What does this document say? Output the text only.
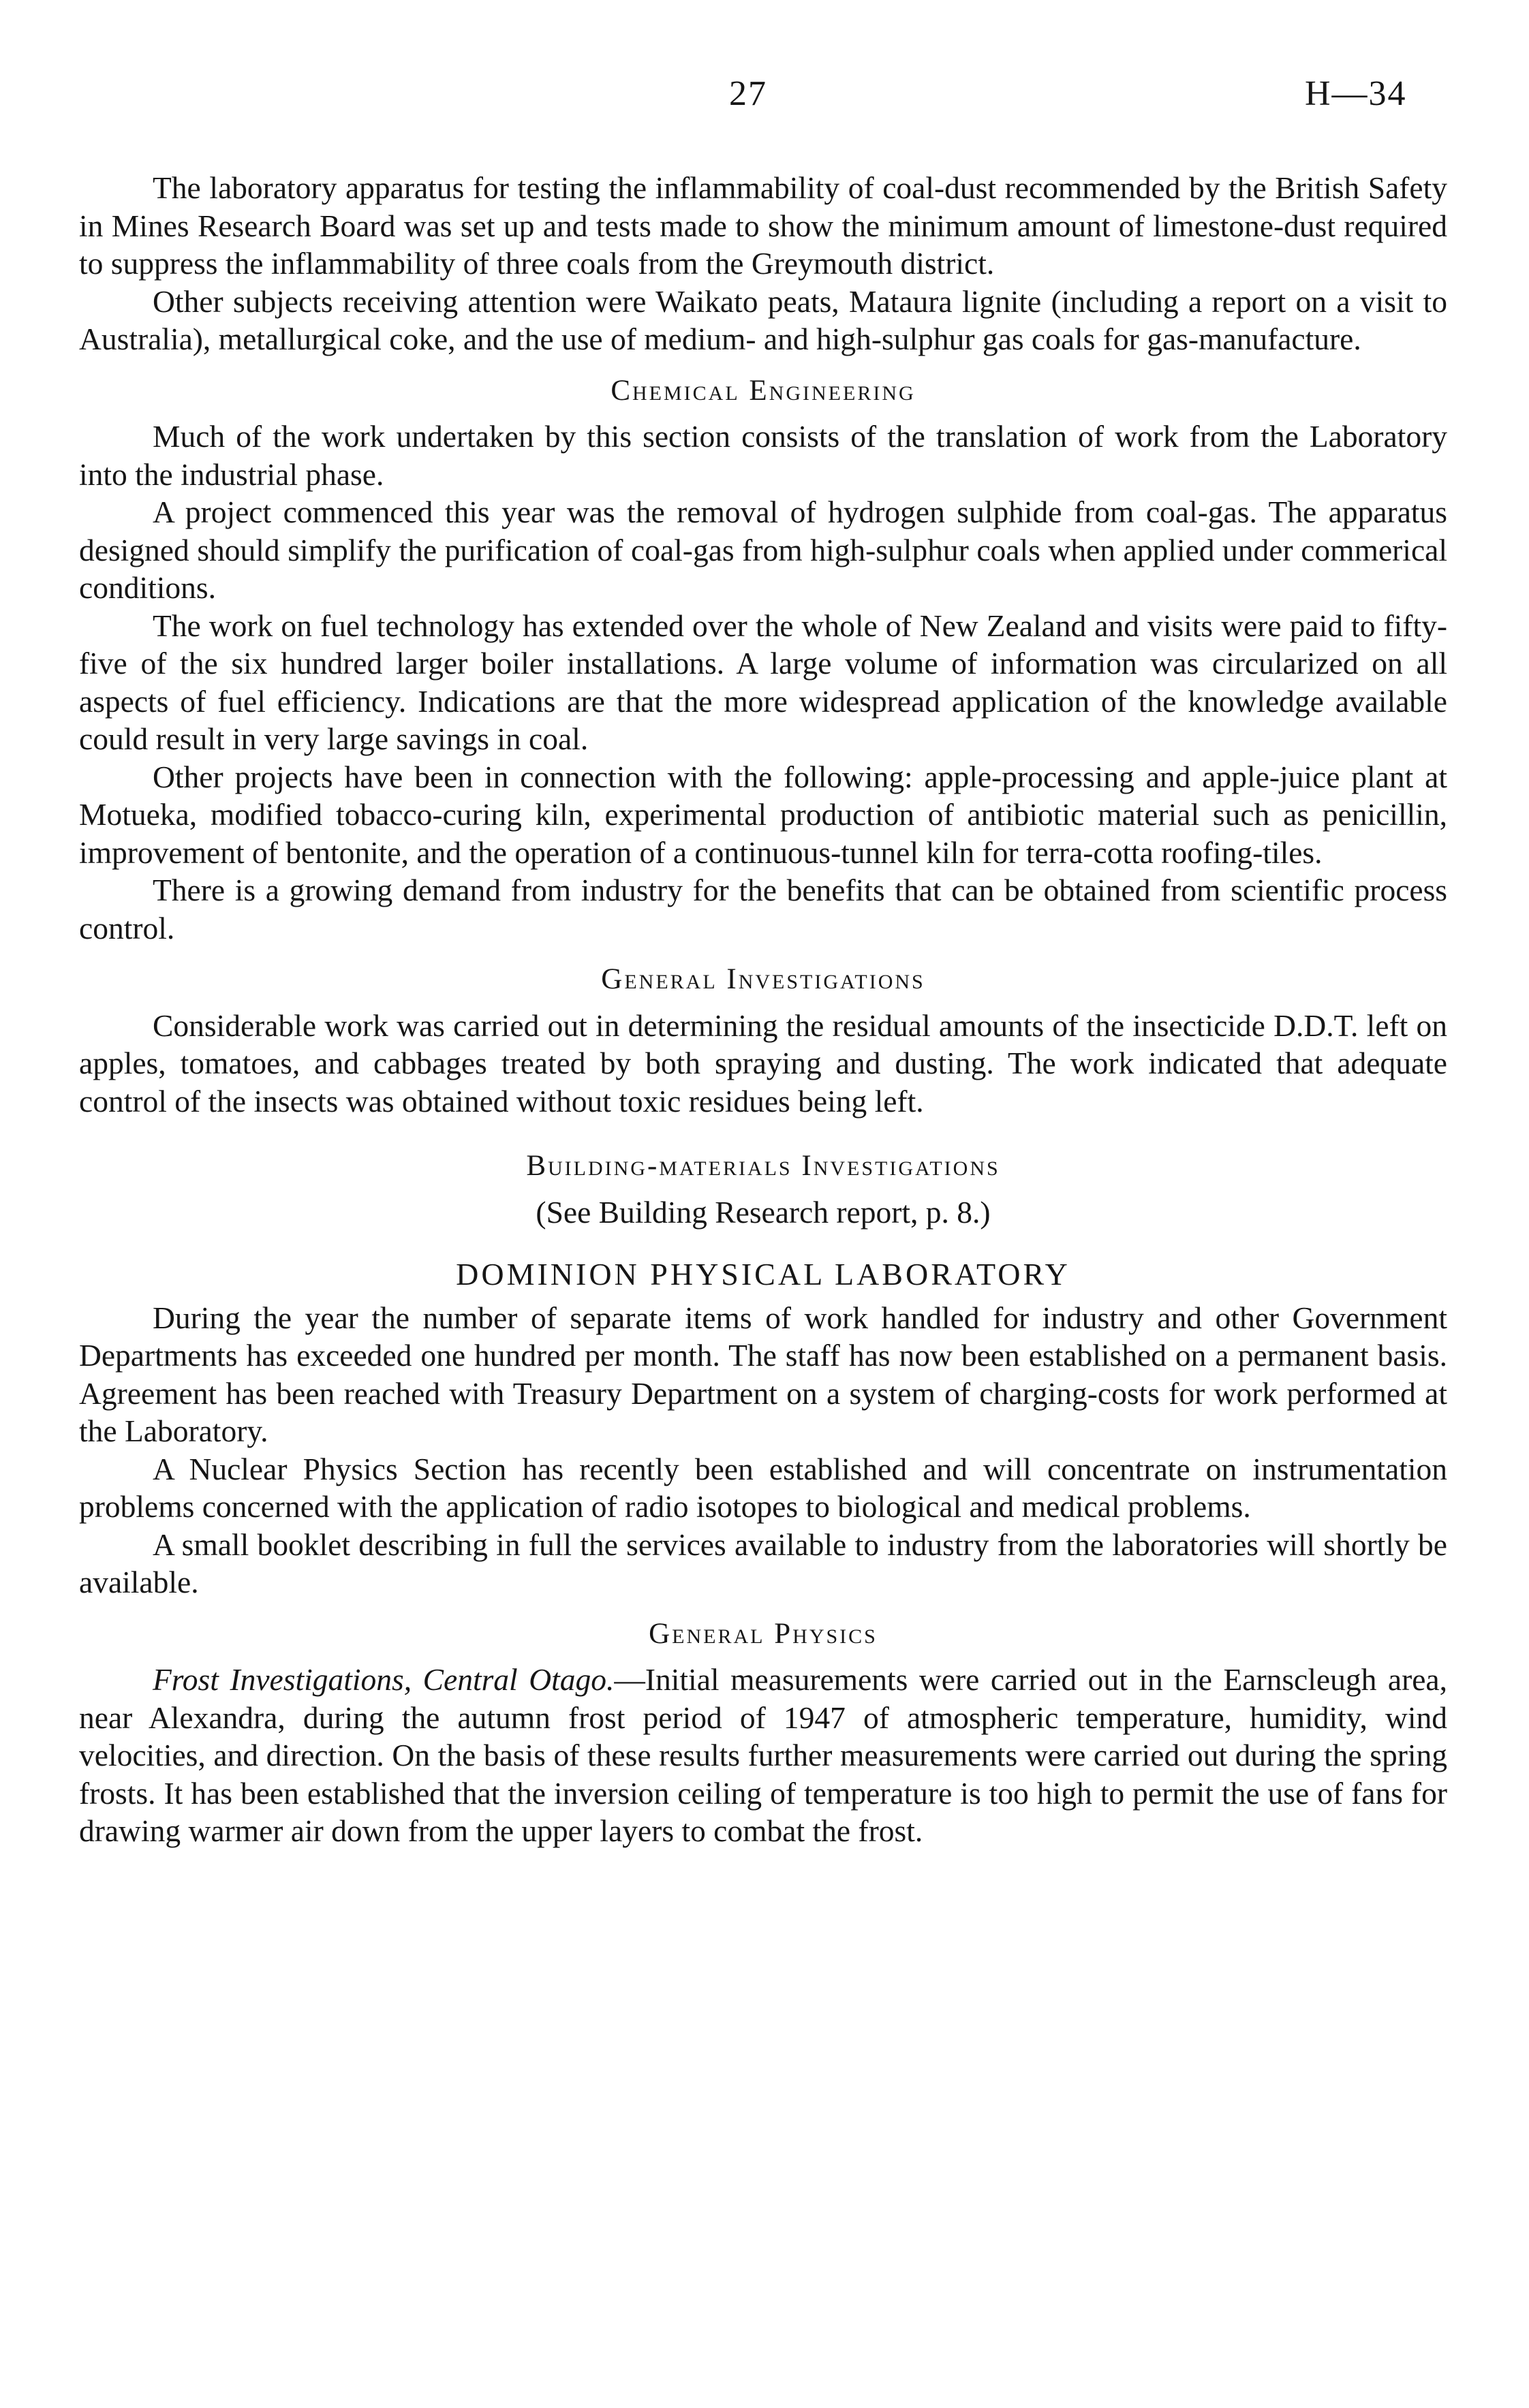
27	H—34

The laboratory apparatus for testing the inflammability of coal-dust recommended by the British Safety in Mines Research Board was set up and tests made to show the minimum amount of limestone-dust required to suppress the inflammability of three coals from the Greymouth district.

Other subjects receiving attention were Waikato peats, Mataura lignite (including a report on a visit to Australia), metallurgical coke, and the use of medium- and high-sulphur gas coals for gas-manufacture.

Chemical Engineering

Much of the work undertaken by this section consists of the translation of work from the Laboratory into the industrial phase.

A project commenced this year was the removal of hydrogen sulphide from coal-gas. The apparatus designed should simplify the purification of coal-gas from high-sulphur coals when applied under commerical conditions.

The work on fuel technology has extended over the whole of New Zealand and visits were paid to fifty-five of the six hundred larger boiler installations. A large volume of information was circularized on all aspects of fuel efficiency. Indications are that the more widespread application of the knowledge available could result in very large savings in coal.

Other projects have been in connection with the following: apple-processing and apple-juice plant at Motueka, modified tobacco-curing kiln, experimental production of antibiotic material such as penicillin, improvement of bentonite, and the operation of a continuous-tunnel kiln for terra-cotta roofing-tiles.

There is a growing demand from industry for the benefits that can be obtained from scientific process control.

General Investigations

Considerable work was carried out in determining the residual amounts of the insecticide D.D.T. left on apples, tomatoes, and cabbages treated by both spraying and dusting. The work indicated that adequate control of the insects was obtained without toxic residues being left.

Building-materials Investigations
(See Building Research report, p. 8.)
DOMINION PHYSICAL LABORATORY

During the year the number of separate items of work handled for industry and other Government Departments has exceeded one hundred per month. The staff has now been established on a permanent basis. Agreement has been reached with Treasury Department on a system of charging-costs for work performed at the Laboratory.

A Nuclear Physics Section has recently been established and will concentrate on instrumentation problems concerned with the application of radio isotopes to biological and medical problems.

A small booklet describing in full the services available to industry from the laboratories will shortly be available.

General Physics

Frost Investigations, Central Otago.—Initial measurements were carried out in the Earnscleugh area, near Alexandra, during the autumn frost period of 1947 of atmospheric temperature, humidity, wind velocities, and direction. On the basis of these results further measurements were carried out during the spring frosts. It has been established that the inversion ceiling of temperature is too high to permit the use of fans for drawing warmer air down from the upper layers to combat the frost.
